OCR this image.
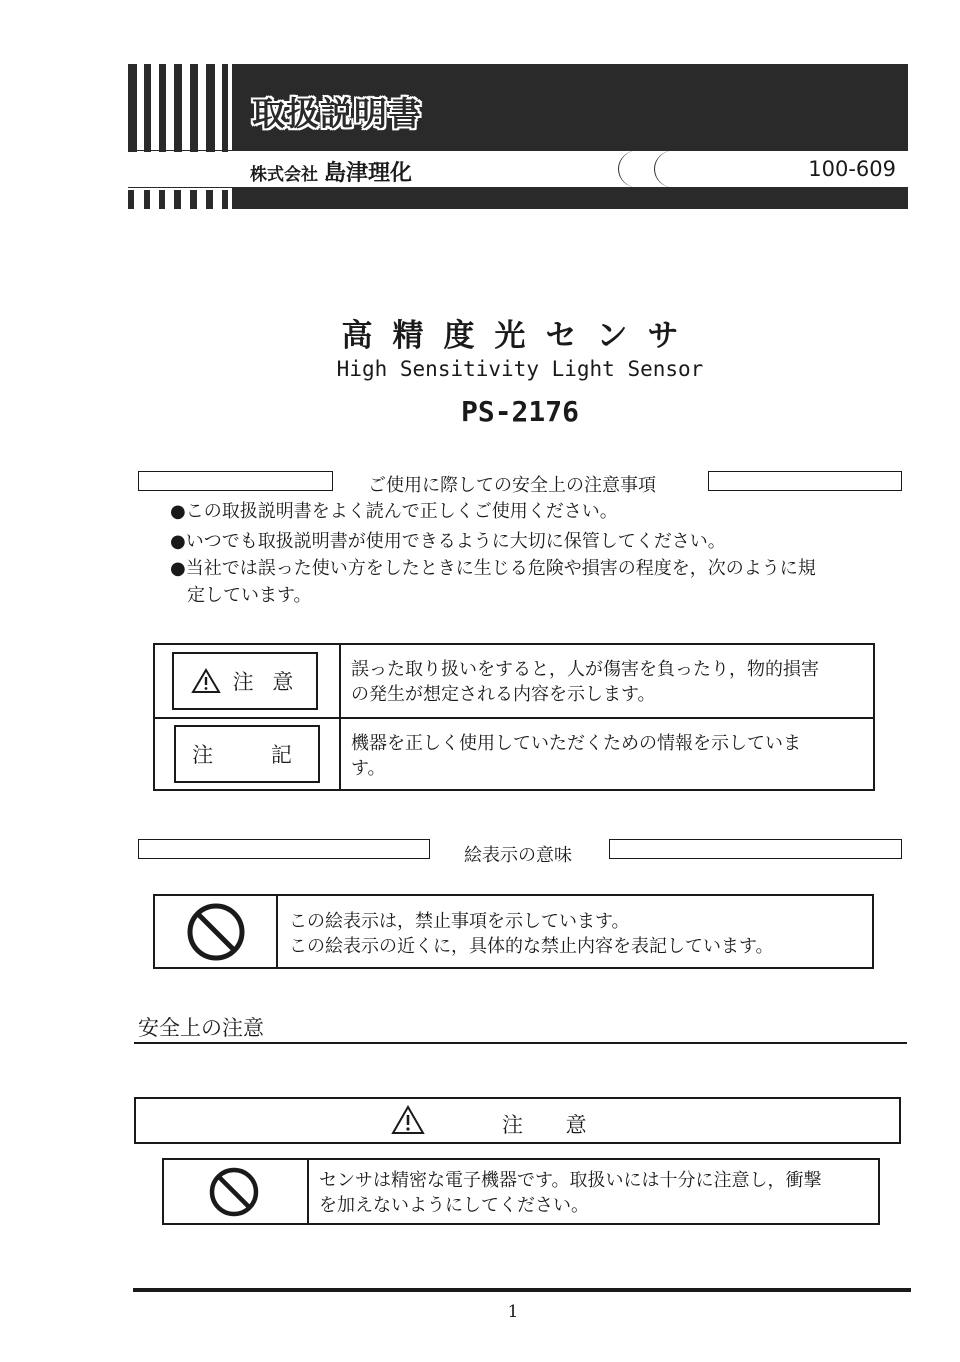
取扱説明書
株式会社 島津理化	100-609
高精度光センサ
High Sensitivity Light Sensor
PS-2176
ご使用に際しての安全上の注意事項
●この取扱説明書をよく読んで正しくご使用ください。
●いつでも取扱説明書が使用できるように大切に保管してください。
●当社では誤った使い方をしたときに生じる危険や損害の程度を，次のように規
定しています。
注 意
誤った取り扱いをすると，人が傷害を負ったり，物的損害
の発生が想定される内容を示します。
注　 記	機器を正しく使用していただくための情報を示していま
す。
絵表示の意味
この絵表示は，禁止事項を示しています。
この絵表示の近くに，具体的な禁止内容を表記しています。
安全上の注意
注 意
センサは精密な電子機器です。取扱いには十分に注意し，衝撃
を加えないようにしてください。
1
